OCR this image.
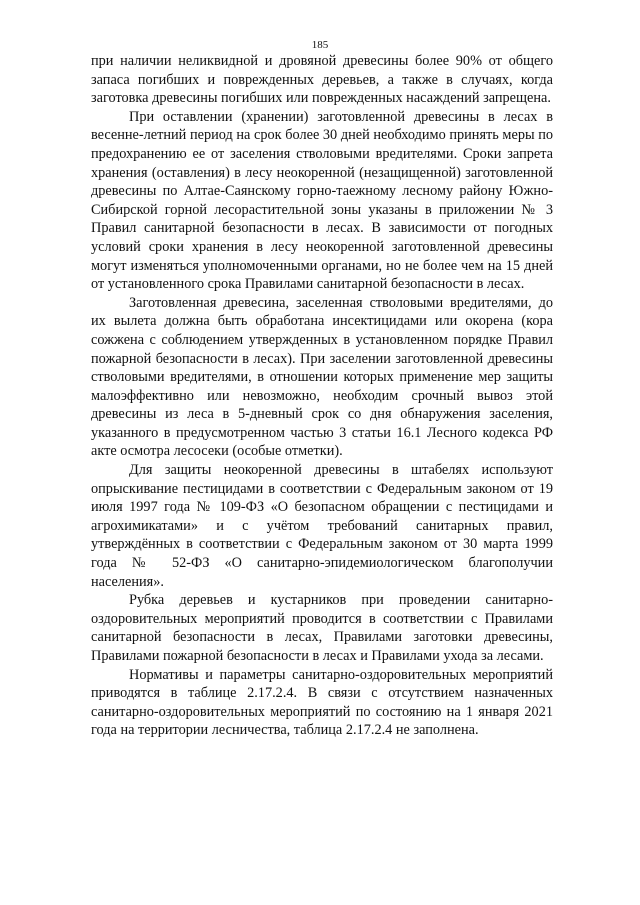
185

при наличии неликвидной и дровяной древесины более 90% от общего запаса погибших и поврежденных деревьев, а также в случаях, когда заготовка древесины погибших или поврежденных насаждений запрещена.

При оставлении (хранении) заготовленной древесины в лесах в весенне-летний период на срок более 30 дней необходимо принять меры по предохранению ее от заселения стволовыми вредителями. Сроки запрета хранения (оставления) в лесу неокоренной (незащищенной) заготовленной древесины по Алтае-Саянскому горно-таежному лесному району Южно-Сибирской горной лесорастительной зоны указаны в приложении № 3 Правил санитарной безопасности в лесах. В зависимости от погодных условий сроки хранения в лесу неокоренной заготовленной древесины могут изменяться уполномоченными органами, но не более чем на 15 дней от установленного срока Правилами санитарной безопасности в лесах.

Заготовленная древесина, заселенная стволовыми вредителями, до их вылета должна быть обработана инсектицидами или окорена (кора сожжена с соблюдением утвержденных в установленном порядке Правил пожарной безопасности в лесах). При заселении заготовленной древесины стволовыми вредителями, в отношении которых применение мер защиты малоэффективно или невозможно, необходим срочный вывоз этой древесины из леса в 5-дневный срок со дня обнаружения заселения, указанного в предусмотренном частью 3 статьи 16.1 Лесного кодекса РФ акте осмотра лесосеки (особые отметки).

Для защиты неокоренной древесины в штабелях используют опрыскивание пестицидами в соответствии с Федеральным законом от 19 июля 1997 года № 109-ФЗ «О безопасном обращении с пестицидами и агрохимикатами» и с учётом требований санитарных правил, утверждённых в соответствии с Федеральным законом от 30 марта 1999 года № 52-ФЗ «О санитарно-эпидемиологическом благополучии населения».

Рубка деревьев и кустарников при проведении санитарно-оздоровительных мероприятий проводится в соответствии с Правилами санитарной безопасности в лесах, Правилами заготовки древесины, Правилами пожарной безопасности в лесах и Правилами ухода за лесами.

Нормативы и параметры санитарно-оздоровительных мероприятий приводятся в таблице 2.17.2.4. В связи с отсутствием назначенных санитарно-оздоровительных мероприятий по состоянию на 1 января 2021 года на территории лесничества, таблица 2.17.2.4 не заполнена.
